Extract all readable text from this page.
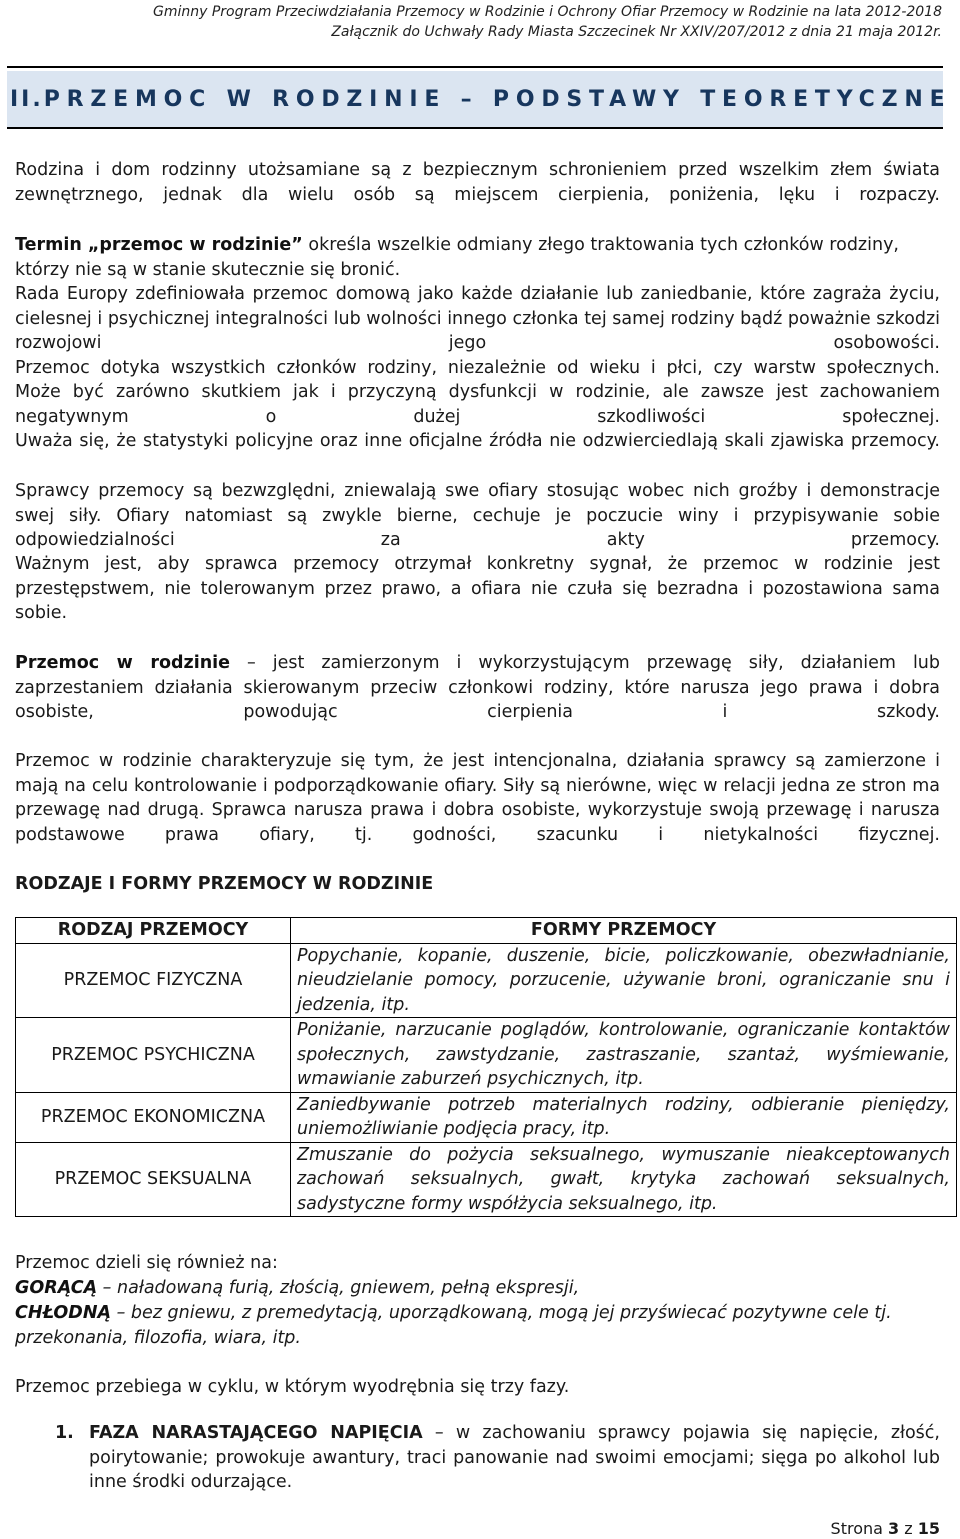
Gminny Program Przeciwdziałania Przemocy w Rodzinie i Ochrony Ofiar Przemocy w Rodzinie na lata 2012-2018
Załącznik do Uchwały Rady Miasta Szczecinek Nr XXIV/207/2012 z dnia 21 maja 2012r.
II. PRZEMOC W RODZINIE – PODSTAWY TEORETYCZNE

Rodzina i dom rodzinny utożsamiane są z bezpiecznym schronieniem przed wszelkim złem świata zewnętrznego, jednak dla wielu osób są miejscem cierpienia, poniżenia, lęku i rozpaczy.

Termin „przemoc w rodzinie” określa wszelkie odmiany złego traktowania tych członków rodziny, którzy nie są w stanie skutecznie się bronić.

Rada Europy zdefiniowała przemoc domową jako każde działanie lub zaniedbanie, które zagraża życiu, cielesnej i psychicznej integralności lub wolności innego członka tej samej rodziny bądź poważnie szkodzi rozwojowi jego osobowości.

Przemoc dotyka wszystkich członków rodziny, niezależnie od wieku i płci, czy warstw społecznych.

Może być zarówno skutkiem jak i przyczyną dysfunkcji w rodzinie, ale zawsze jest zachowaniem negatywnym o dużej szkodliwości społecznej.

Uważa się, że statystyki policyjne oraz inne oficjalne źródła nie odzwierciedlają skali zjawiska przemocy.

Sprawcy przemocy są bezwzględni, zniewalają swe ofiary stosując wobec nich groźby i demonstracje swej siły. Ofiary natomiast są zwykle bierne, cechuje je poczucie winy i przypisywanie sobie odpowiedzialności za akty przemocy.

Ważnym jest, aby sprawca przemocy otrzymał konkretny sygnał, że przemoc w rodzinie jest przestępstwem, nie tolerowanym przez prawo, a ofiara nie czuła się bezradna i pozostawiona sama sobie.

Przemoc w rodzinie – jest zamierzonym i wykorzystującym przewagę siły, działaniem lub zaprzestaniem działania skierowanym przeciw członkowi rodziny, które narusza jego prawa i dobra osobiste, powodując cierpienia i szkody.

Przemoc w rodzinie charakteryzuje się tym, że jest intencjonalna, działania sprawcy są zamierzone i mają na celu kontrolowanie i podporządkowanie ofiary. Siły są nierówne, więc w relacji jedna ze stron ma przewagę nad drugą. Sprawca narusza prawa i dobra osobiste, wykorzystuje swoją przewagę i narusza podstawowe prawa ofiary, tj. godności, szacunku i nietykalności fizycznej.

RODZAJE I FORMY PRZEMOCY W RODZINIE

RODZAJ PRZEMOCY	FORMY PRZEMOCY
PRZEMOC FIZYCZNA	Popychanie, kopanie, duszenie, bicie, policzkowanie, obezwładnianie, nieudzielanie pomocy, porzucenie, używanie broni, ograniczanie snu i jedzenia, itp.
PRZEMOC PSYCHICZNA	Poniżanie, narzucanie poglądów, kontrolowanie, ograniczanie kontaktów społecznych, zawstydzanie, zastraszanie, szantaż, wyśmiewanie, wmawianie zaburzeń psychicznych, itp.
PRZEMOC EKONOMICZNA	Zaniedbywanie potrzeb materialnych rodziny, odbieranie pieniędzy, uniemożliwianie podjęcia pracy, itp.
PRZEMOC SEKSUALNA	Zmuszanie do pożycia seksualnego, wymuszanie nieakceptowanych zachowań seksualnych, gwałt, krytyka zachowań seksualnych, sadystyczne formy współżycia seksualnego, itp.

Przemoc dzieli się również na:

GORĄCĄ – naładowaną furią, złością, gniewem, pełną ekspresji,

CHŁODNĄ – bez gniewu, z premedytacją, uporządkowaną, mogą jej przyświecać pozytywne cele tj. przekonania, filozofia, wiara, itp.

Przemoc przebiega w cyklu, w którym wyodrębnia się trzy fazy.

1. FAZA NARASTAJĄCEGO NAPIĘCIA – w zachowaniu sprawcy pojawia się napięcie, złość, poirytowanie; prowokuje awantury, traci panowanie nad swoimi emocjami; sięga po alkohol lub inne środki odurzające.
Strona 3 z 15
